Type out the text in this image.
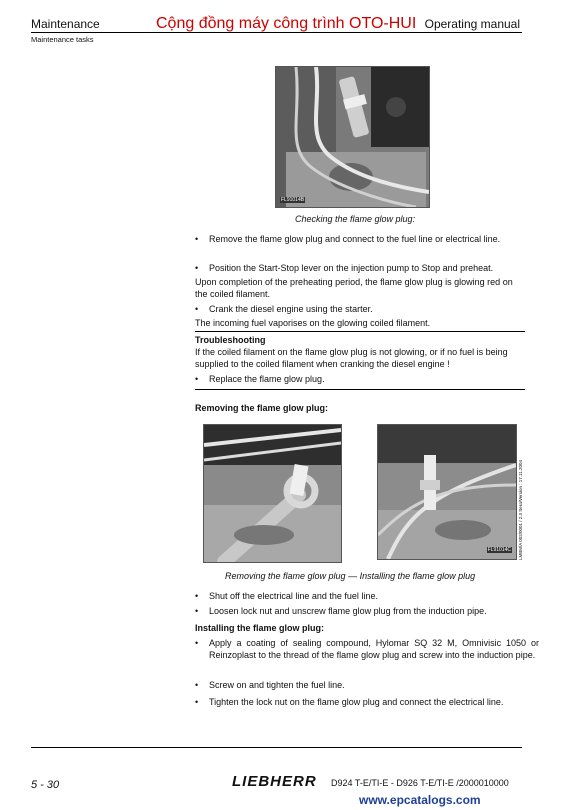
Maintenance
Maintenance tasks
Cộng đồng máy công trình OTO-HUI Operating manual
FL91014B
Checking the flame glow plug:
• Remove the flame glow plug and connect to the fuel line or electrical line.
• Position the Start-Stop lever on the injection pump to Stop and preheat.
Upon completion of the preheating period, the flame glow plug is glowing red on the coiled filament.
• Crank the diesel engine using the starter.
The incoming fuel vaporises on the glowing coiled filament.
Troubleshooting
If the coiled filament on the flame glow plug is not glowing, or if no fuel is being supplied to the coiled filament when cranking the diesel engine !
• Replace the flame glow plug.
Removing the flame glow plug:
FL91014C
Removing the flame glow plug — Installing the flame glow plug
• Shut off the electrical line and the fuel line.
• Loosen lock nut and unscrew flame glow plug from the induction pipe.
Installing the flame glow plug:
• Apply a coating of sealing compound, Hylomar SQ 32 M, Omnivisic 1050 or Reinzoplast to the thread of the flame glow plug and screw into the induction pipe.
• Screw on and tighten the fuel line.
• Tighten the lock nut on the flame glow plug and connect the electrical line.
LMBM/A 002/0001 / 2.3 Sera/Version : 17.11.2004
5 - 30	LIEBHERR D924 T-E/TI-E - D926 T-E/TI-E /2000010000
www.epcatalogs.com
